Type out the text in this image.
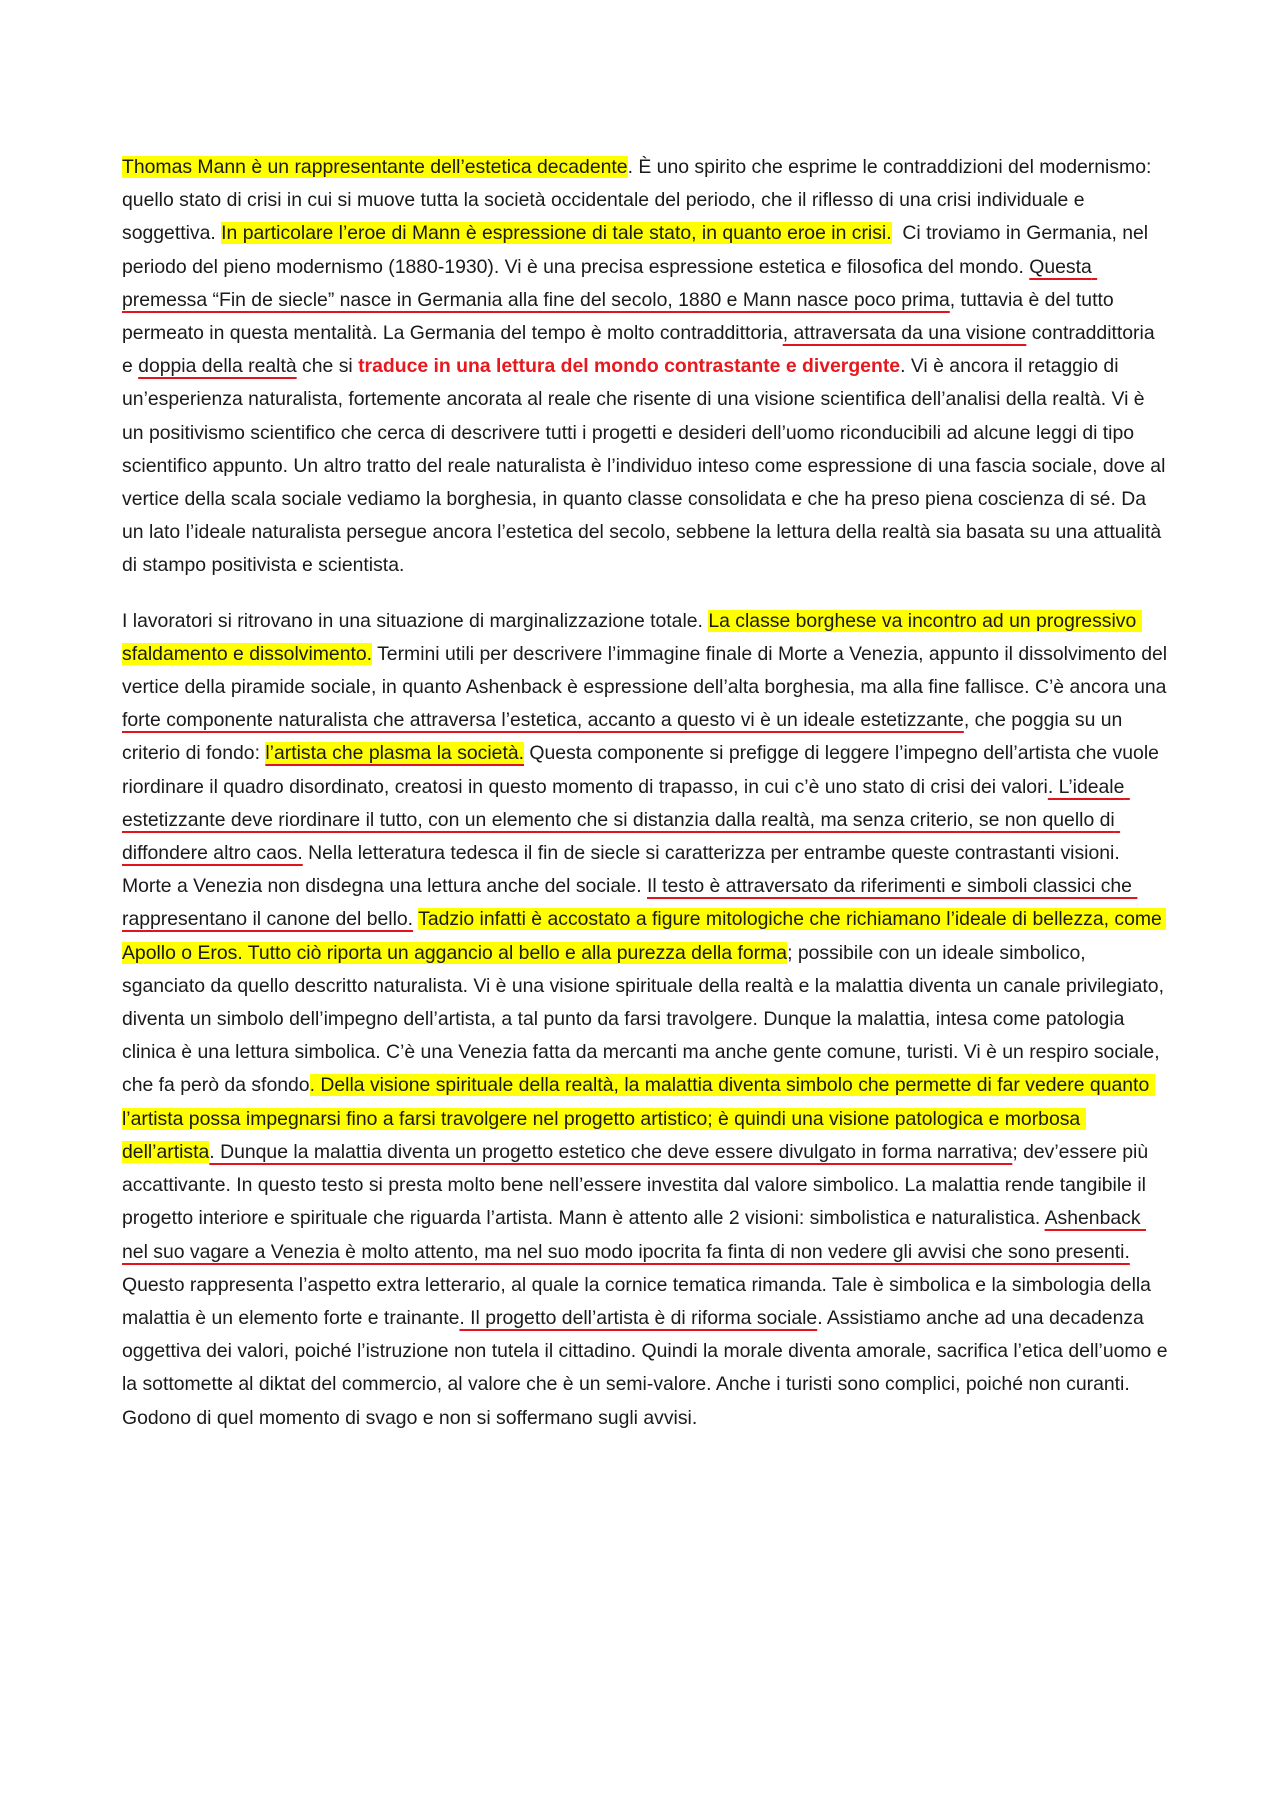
Thomas Mann è un rappresentante dell’estetica decadente. È uno spirito che esprime le contraddizioni del modernismo: quello stato di crisi in cui si muove tutta la società occidentale del periodo, che il riflesso di una crisi individuale e soggettiva. In particolare l’eroe di Mann è espressione di tale stato, in quanto eroe in crisi.  Ci troviamo in Germania, nel periodo del pieno modernismo (1880-1930). Vi è una precisa espressione estetica e filosofica del mondo. Questa premessa “Fin de siecle” nasce in Germania alla fine del secolo, 1880 e Mann nasce poco prima, tuttavia è del tutto permeato in questa mentalità. La Germania del tempo è molto contraddittoria, attraversata da una visione contraddittoria e doppia della realtà che si traduce in una lettura del mondo contrastante e divergente. Vi è ancora il retaggio di un’esperienza naturalista, fortemente ancorata al reale che risente di una visione scientifica dell’analisi della realtà. Vi è un positivismo scientifico che cerca di descrivere tutti i progetti e desideri dell’uomo riconducibili ad alcune leggi di tipo scientifico appunto. Un altro tratto del reale naturalista è l’individuo inteso come espressione di una fascia sociale, dove al vertice della scala sociale vediamo la borghesia, in quanto classe consolidata e che ha preso piena coscienza di sé. Da un lato l’ideale naturalista persegue ancora l’estetica del secolo, sebbene la lettura della realtà sia basata su una attualità di stampo positivista e scientista.

I lavoratori si ritrovano in una situazione di marginalizzazione totale. La classe borghese va incontro ad un progressivo sfaldamento e dissolvimento. Termini utili per descrivere l’immagine finale di Morte a Venezia, appunto il dissolvimento del vertice della piramide sociale, in quanto Ashenback è espressione dell’alta borghesia, ma alla fine fallisce. C’è ancora una forte componente naturalista che attraversa l’estetica, accanto a questo vi è un ideale estetizzante, che poggia su un criterio di fondo: l’artista che plasma la società. Questa componente si prefigge di leggere l’impegno dell’artista che vuole riordinare il quadro disordinato, creatosi in questo momento di trapasso, in cui c’è uno stato di crisi dei valori. L’ideale estetizzante deve riordinare il tutto, con un elemento che si distanzia dalla realtà, ma senza criterio, se non quello di diffondere altro caos. Nella letteratura tedesca il fin de siecle si caratterizza per entrambe queste contrastanti visioni.  Morte a Venezia non disdegna una lettura anche del sociale. Il testo è attraversato da riferimenti e simboli classici che rappresentano il canone del bello. Tadzio infatti è accostato a figure mitologiche che richiamano l’ideale di bellezza, come Apollo o Eros. Tutto ciò riporta un aggancio al bello e alla purezza della forma; possibile con un ideale simbolico, sganciato da quello descritto naturalista. Vi è una visione spirituale della realtà e la malattia diventa un canale privilegiato, diventa un simbolo dell’impegno dell’artista, a tal punto da farsi travolgere. Dunque la malattia, intesa come patologia clinica è una lettura simbolica. C’è una Venezia fatta da mercanti ma anche gente comune, turisti. Vi è un respiro sociale, che fa però da sfondo. Della visione spirituale della realtà, la malattia diventa simbolo che permette di far vedere quanto l’artista possa impegnarsi fino a farsi travolgere nel progetto artistico; è quindi una visione patologica e morbosa dell’artista. Dunque la malattia diventa un progetto estetico che deve essere divulgato in forma narrativa; dev’essere più accattivante. In questo testo si presta molto bene nell’essere investita dal valore simbolico. La malattia rende tangibile il progetto interiore e spirituale che riguarda l’artista. Mann è attento alle 2 visioni: simbolistica e naturalistica. Ashenback nel suo vagare a Venezia è molto attento, ma nel suo modo ipocrita fa finta di non vedere gli avvisi che sono presenti. Questo rappresenta l’aspetto extra letterario, al quale la cornice tematica rimanda. Tale è simbolica e la simbologia della malattia è un elemento forte e trainante. Il progetto dell’artista è di riforma sociale. Assistiamo anche ad una decadenza oggettiva dei valori, poiché l’istruzione non tutela il cittadino. Quindi la morale diventa amorale, sacrifica l’etica dell’uomo e la sottomette al diktat del commercio, al valore che è un semi-valore. Anche i turisti sono complici, poiché non curanti. Godono di quel momento di svago e non si soffermano sugli avvisi.
